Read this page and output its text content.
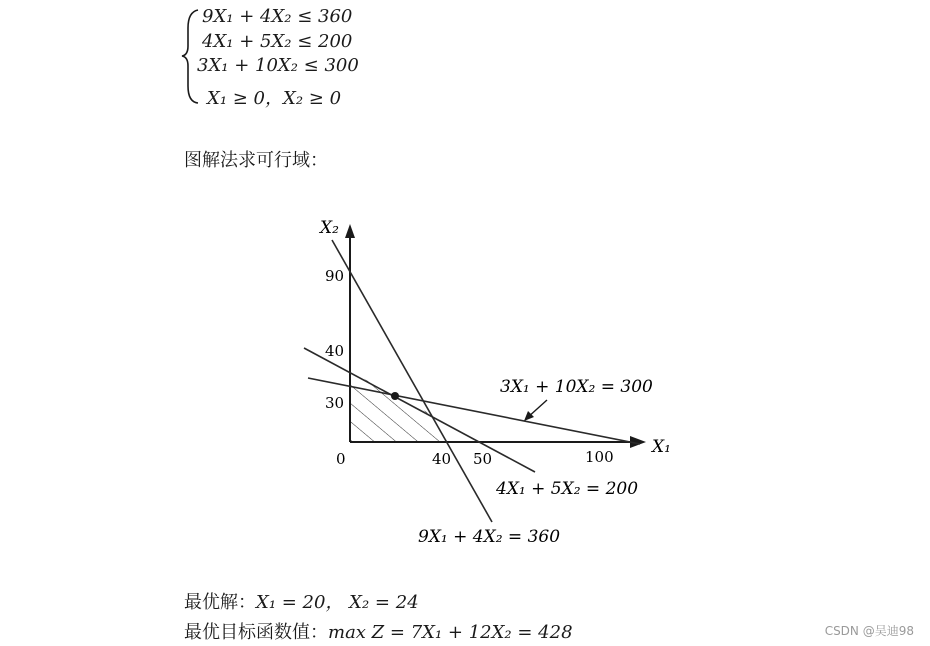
9X₁ + 4X₂ ≤ 360
4X₁ + 5X₂ ≤ 200
3X₁ + 10X₂ ≤ 300
X₁ ≥ 0，X₂ ≥ 0
图解法求可行域：
X₂
X₁
0
90
40
30
40 50	100
3X₁ + 10X₂ = 300
4X₁ + 5X₂ = 200
9X₁ + 4X₂ = 360
最优解：X₁ = 20， X₂ = 24
最优目标函数值：max Z = 7X₁ + 12X₂ = 428	CSDN @吴迪98
